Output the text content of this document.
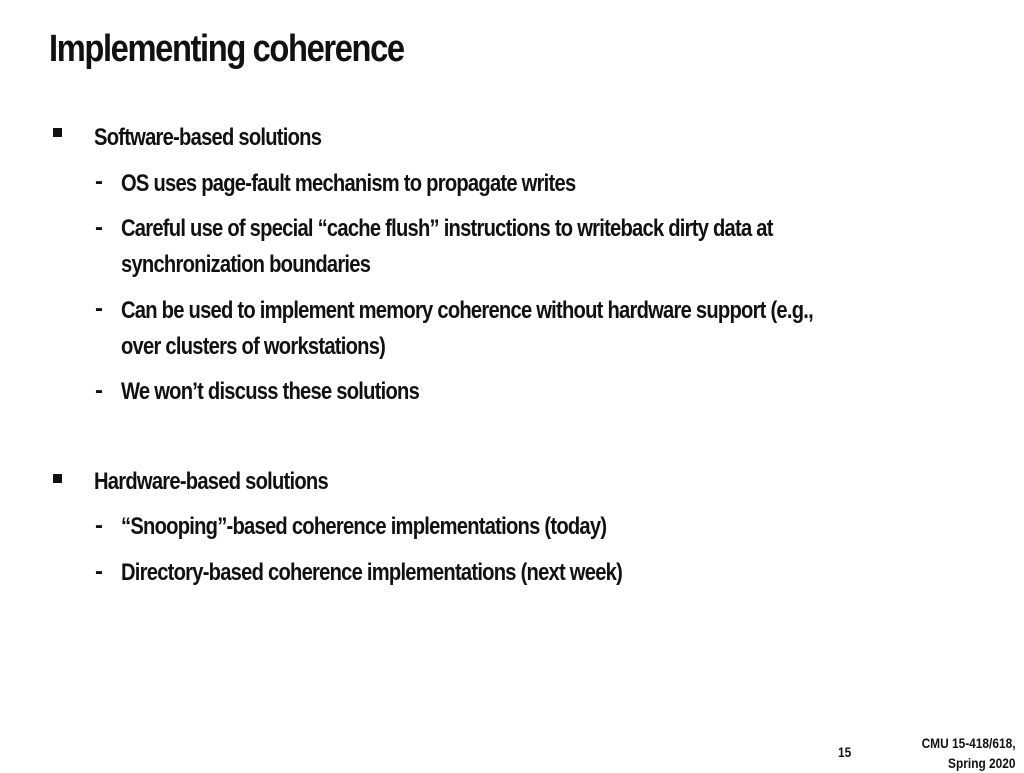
Implementing coherence
Software-based solutions
- OS uses page-fault mechanism to propagate writes
- Careful use of special “cache flush” instructions to writeback dirty data at
synchronization boundaries
- Can be used to implement memory coherence without hardware support (e.g.,
over clusters of workstations)
- We won’t discuss these solutions
Hardware-based solutions
- “Snooping”-based coherence implementations (today)
- Directory-based coherence implementations (next week)
15
CMU 15-418/618,
Spring 2020
